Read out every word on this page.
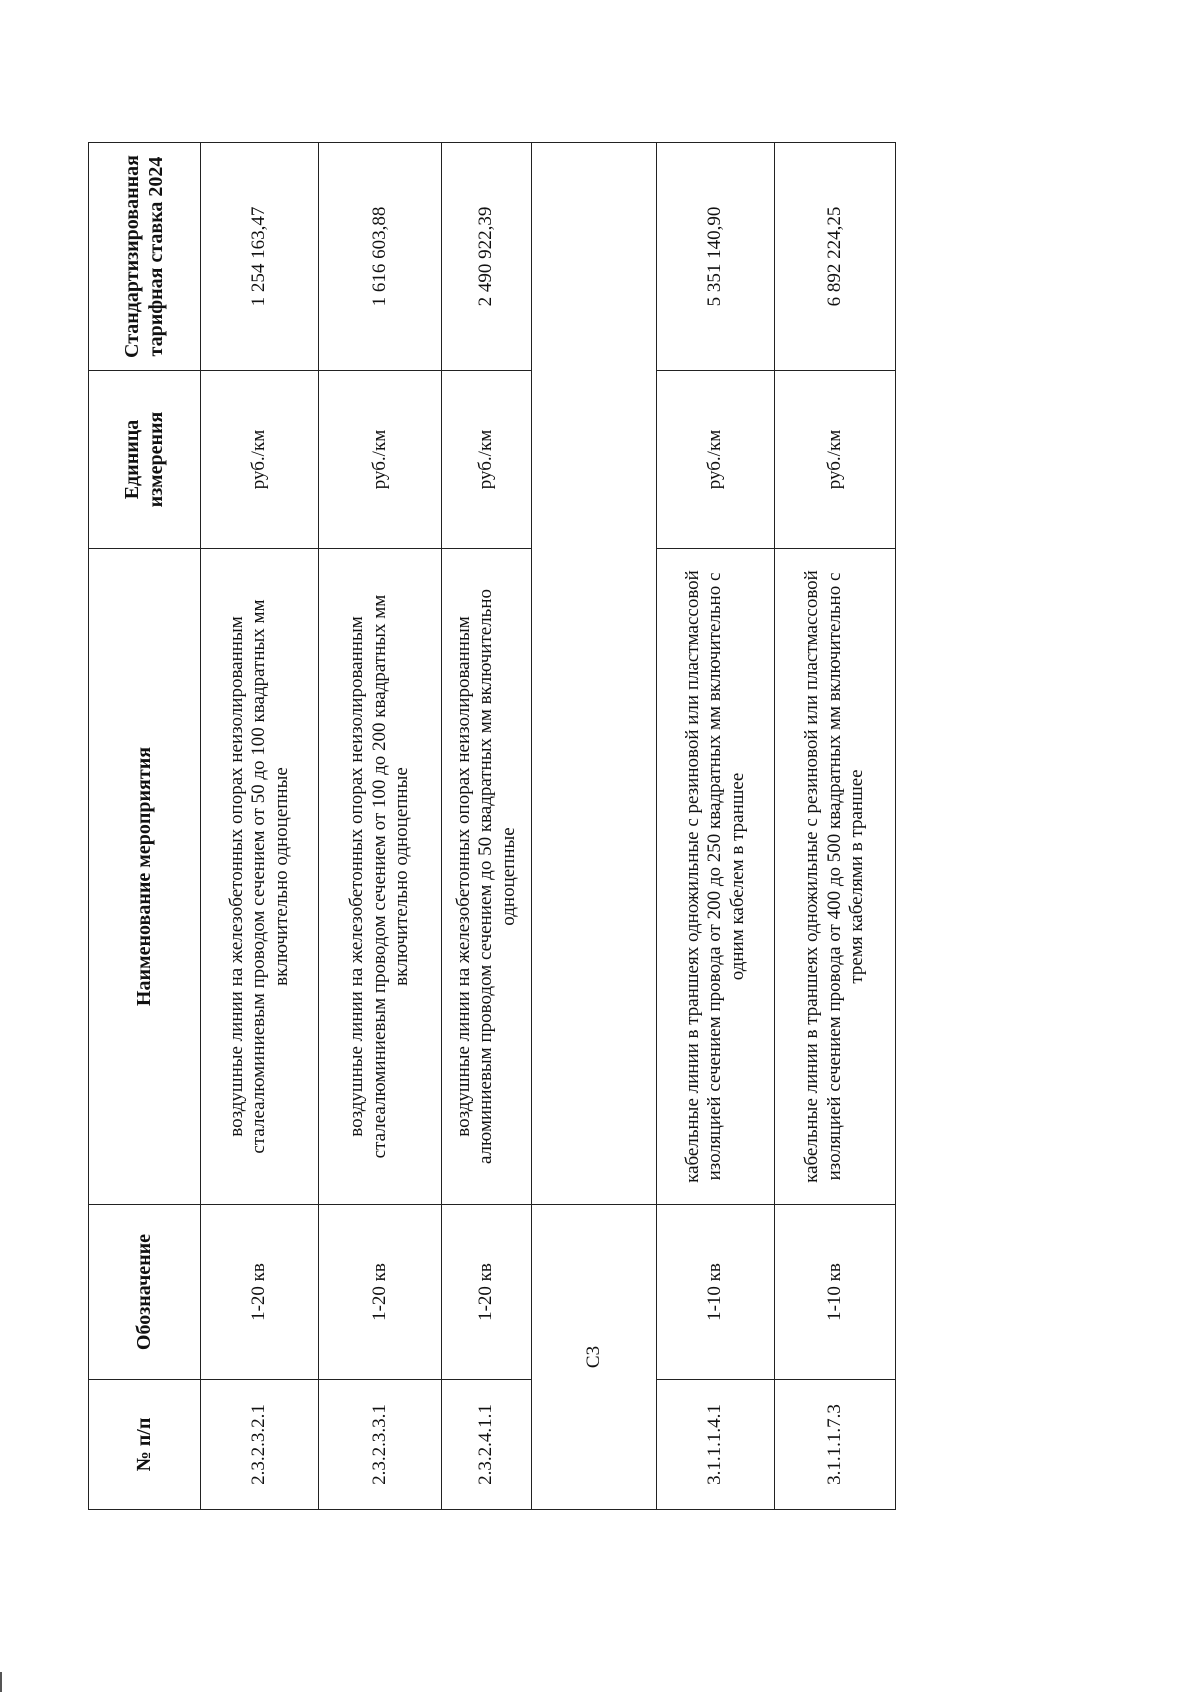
№ п/п	Обозначение	Наименование мероприятия	Единица измерения	Стандартизированная тарифная ставка 2024
2.3.2.3.2.1	1-20 кв	воздушные линии на железобетонных опорах неизолированным сталеалюминиевым проводом сечением от 50 до 100 квадратных мм включительно одноцепные	руб./км	1 254 163,47
2.3.2.3.3.1	1-20 кв	воздушные линии на железобетонных опорах неизолированным сталеалюминиевым проводом сечением от 100 до 200 квадратных мм включительно одноцепные	руб./км	1 616 603,88
2.3.2.4.1.1	1-20 кв	воздушные линии на железобетонных опорах неизолированным алюминиевым проводом сечением до 50 квадратных мм включительно одноцепные	руб./км	2 490 922,39
С3				
3.1.1.1.4.1	1-10 кв	кабельные линии в траншеях одножильные с резиновой или пластмассовой изоляцией сечением провода от 200 до 250 квадратных мм включительно с одним кабелем в траншее	руб./км	5 351 140,90
3.1.1.1.7.3	1-10 кв	кабельные линии в траншеях одножильные с резиновой или пластмассовой изоляцией сечением провода от 400 до 500 квадратных мм включительно с тремя кабелями в траншее	руб./км	6 892 224,25
